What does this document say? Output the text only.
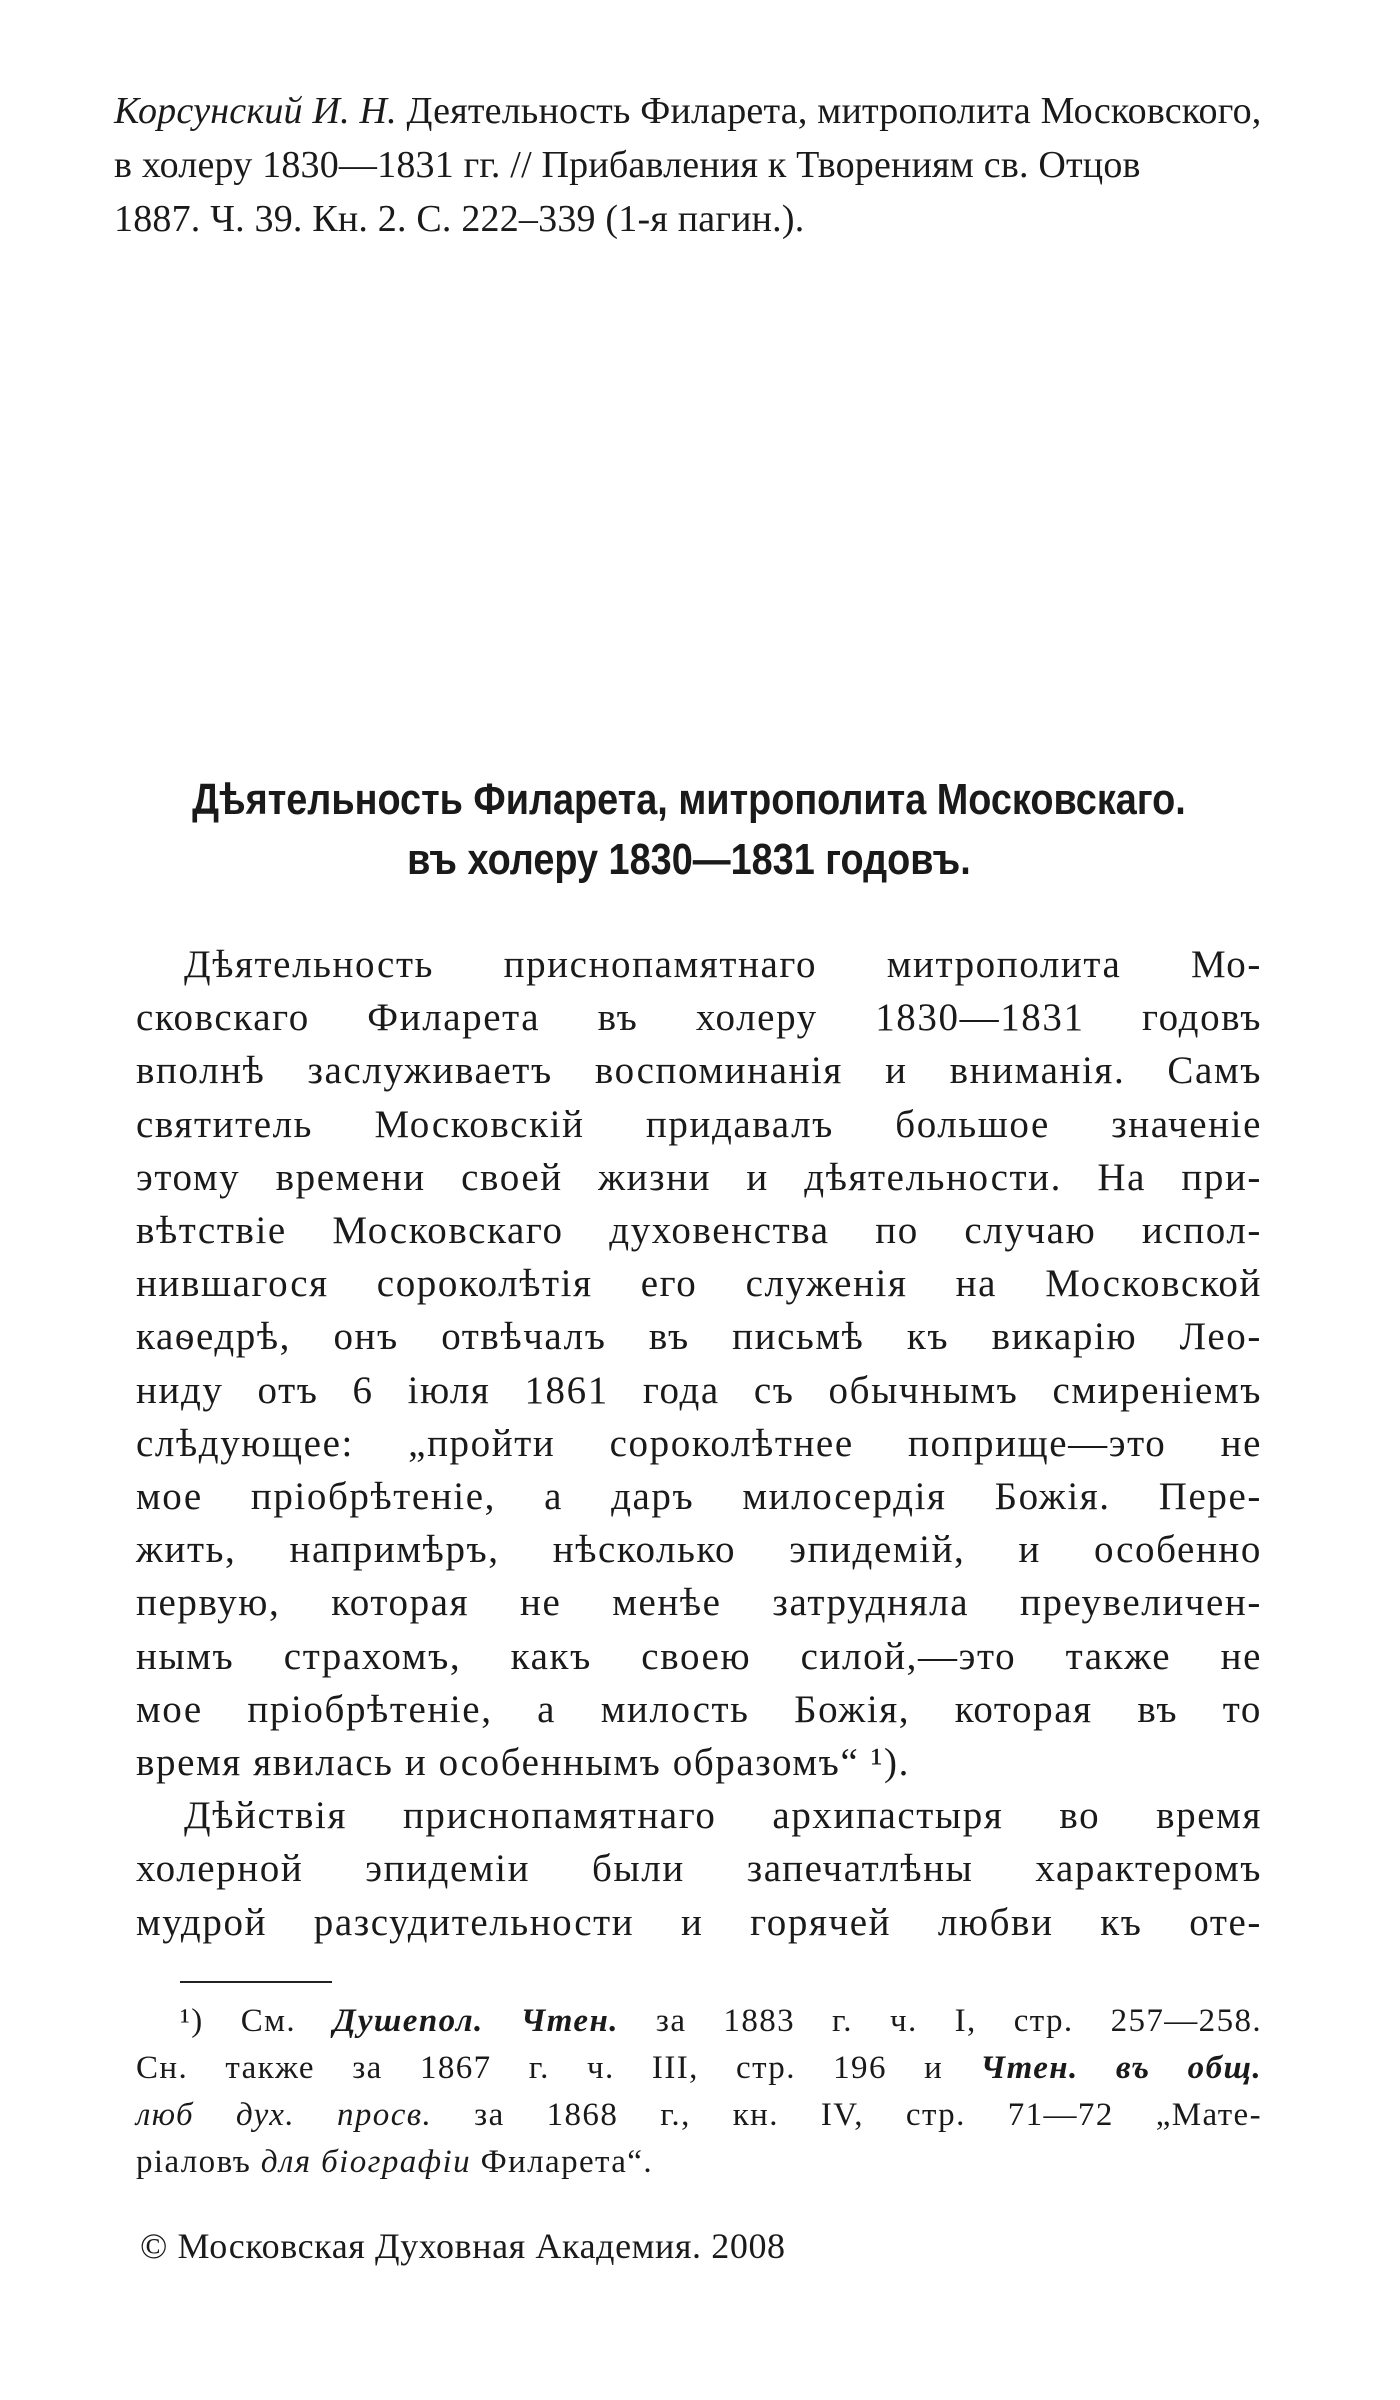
Корсунский И. Н. Деятельность Филарета, митрополита Московского,
в холеру 1830—1831 гг. // Прибавления к Творениям св. Отцов
1887. Ч. 39. Кн. 2. С. 222–339 (1-я пагин.).
Дѣятельность Филарета, митрополита Московскаго.
въ холеру 1830—1831 годовъ.
Дѣятельность приснопамятнаго митрополита Мо-
сковскаго Филарета въ холеру 1830—1831 годовъ
вполнѣ заслуживаетъ воспоминанія и вниманія. Самъ
святитель Московскій придавалъ большое значеніе
этому времени своей жизни и дѣятельности. На при-
вѣтствіе Московскаго духовенства по случаю испол-
нившагося сороколѣтія его служенія на Московской
каѳедрѣ, онъ отвѣчалъ въ письмѣ къ викарію Лео-
ниду отъ 6 іюля 1861 года съ обычнымъ смиреніемъ
слѣдующее: „пройти сороколѣтнее поприще—это не
мое пріобрѣтеніе, а даръ милосердія Божія. Пере-
жить, напримѣръ, нѣсколько эпидемій, и особенно
первую, которая не менѣе затрудняла преувеличен-
нымъ страхомъ, какъ своею силой,—это также не
мое пріобрѣтеніе, а милость Божія, которая въ то
время явилась и особеннымъ образомъ“ ¹).
Дѣйствія приснопамятнаго архипастыря во время
холерной эпидеміи были запечатлѣны характеромъ
мудрой разсудительности и горячей любви къ оте-
¹) См. Душепол. Чтен. за 1883 г. ч. I, стр. 257—258.
Сн. также за 1867 г. ч. III, стр. 196 и Чтен. въ общ.
люб дух. просв. за 1868 г., кн. IV, стр. 71—72 „Мате-
ріаловъ для біографіи Филарета“.
© Московская Духовная Академия. 2008
